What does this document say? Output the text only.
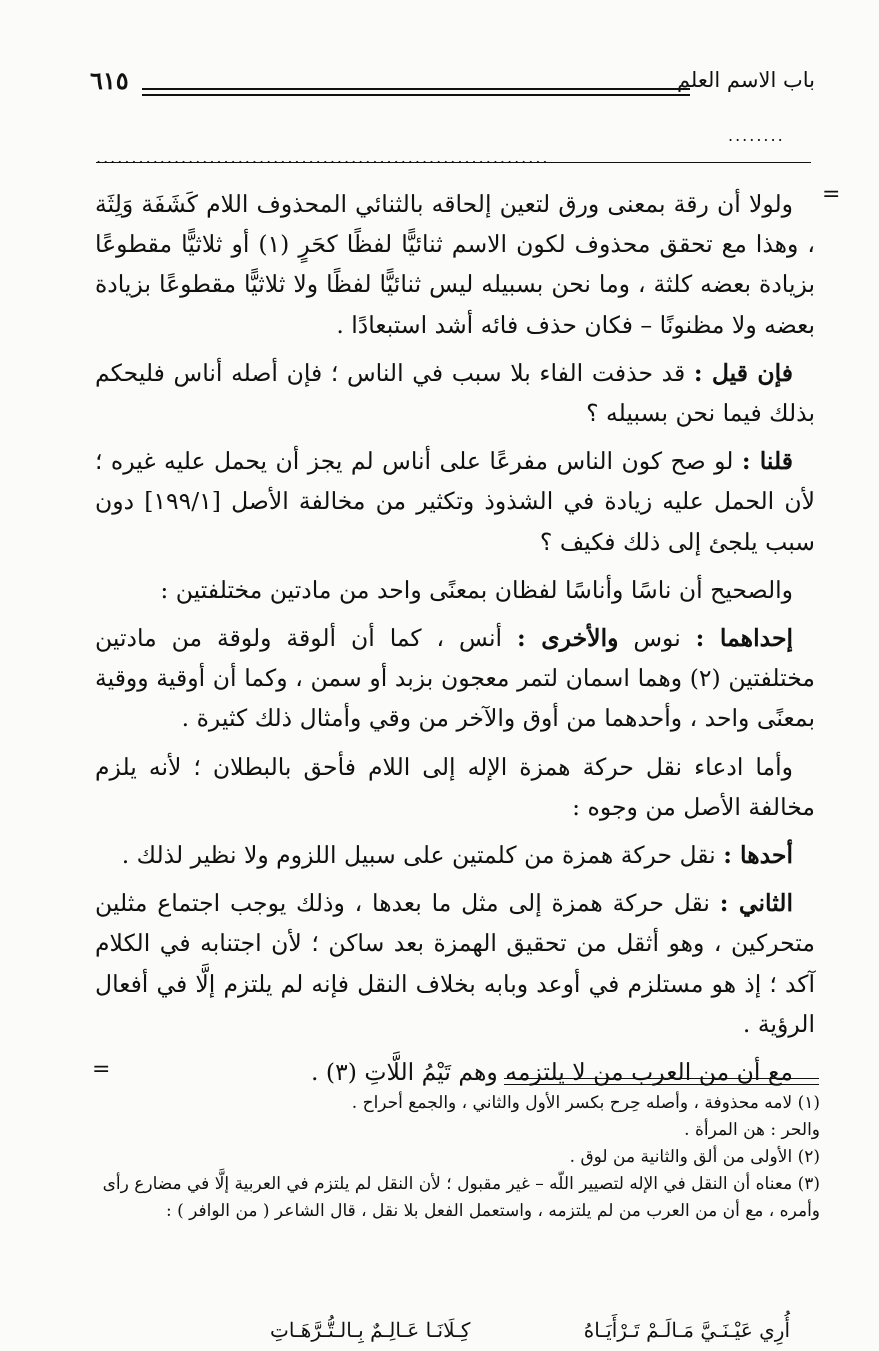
باب الاسم العلم
٦١٥
........
................................................................
=

ولولا أن رقة بمعنى ورق لتعين إلحاقه بالثنائي المحذوف اللام كَشَفَة وَلِثَة ، وهذا مع تحقق محذوف لكون الاسم ثنائيًّا لفظًا كحَرٍ (١) أو ثلاثيًّا مقطوعًا بزيادة بعضه كلثة ، وما نحن بسبيله ليس ثنائيًّا لفظًا ولا ثلاثيًّا مقطوعًا بزيادة بعضه ولا مظنونًا – فكان حذف فائه أشد استبعادًا .

فإن قيل : قد حذفت الفاء بلا سبب في الناس ؛ فإن أصله أناس فليحكم بذلك فيما نحن بسبيله ؟

قلنا : لو صح كون الناس مفرعًا على أناس لم يجز أن يحمل عليه غيره ؛ لأن الحمل عليه زيادة في الشذوذ وتكثير من مخالفة الأصل [١٩٩/١] دون سبب يلجئ إلى ذلك فكيف ؟

والصحيح أن ناسًا وأناسًا لفظان بمعنًى واحد من مادتين مختلفتين :

إحداهما : نوس والأخرى : أنس ، كما أن ألوقة ولوقة من مادتين مختلفتين (٢) وهما اسمان لتمر معجون بزبد أو سمن ، وكما أن أوقية ووقية بمعنًى واحد ، وأحدهما من أوق والآخر من وقي وأمثال ذلك كثيرة .

وأما ادعاء نقل حركة همزة الإله إلى اللام فأحق بالبطلان ؛ لأنه يلزم مخالفة الأصل من وجوه :

أحدها : نقل حركة همزة من كلمتين على سبيل اللزوم ولا نظير لذلك .

الثاني : نقل حركة همزة إلى مثل ما بعدها ، وذلك يوجب اجتماع مثلين متحركين ، وهو أثقل من تحقيق الهمزة بعد ساكن ؛ لأن اجتنابه في الكلام آكد ؛ إذ هو مستلزم في أوعد وبابه بخلاف النقل فإنه لم يلتزم إلَّا في أفعال الرؤية .

مع أن من العرب من لا يلتزمه وهم تَيْمُ اللَّاتِ (٣) .

=

(١) لامه محذوفة ، وأصله حِرح بكسر الأول والثاني ، والجمع أحراح .

والحر : هن المرأة .

(٢) الأولى من ألق والثانية من لوق .

(٣) معناه أن النقل في الإله لتصيير اللّه – غير مقبول ؛ لأن النقل لم يلتزم في العربية إلَّا في مضارع رأى وأمره ، مع أن من العرب من لم يلتزمه ، واستعمل الفعل بلا نقل ، قال الشاعر ( من الوافر ) :

أُرِي عَيْـنَـيَّ مَـالَـمْ تَـرْأَيَـاهُ
كِـلَانَـا عَـالِـمٌ بِـالـتُّـرَّهَـاتِ
